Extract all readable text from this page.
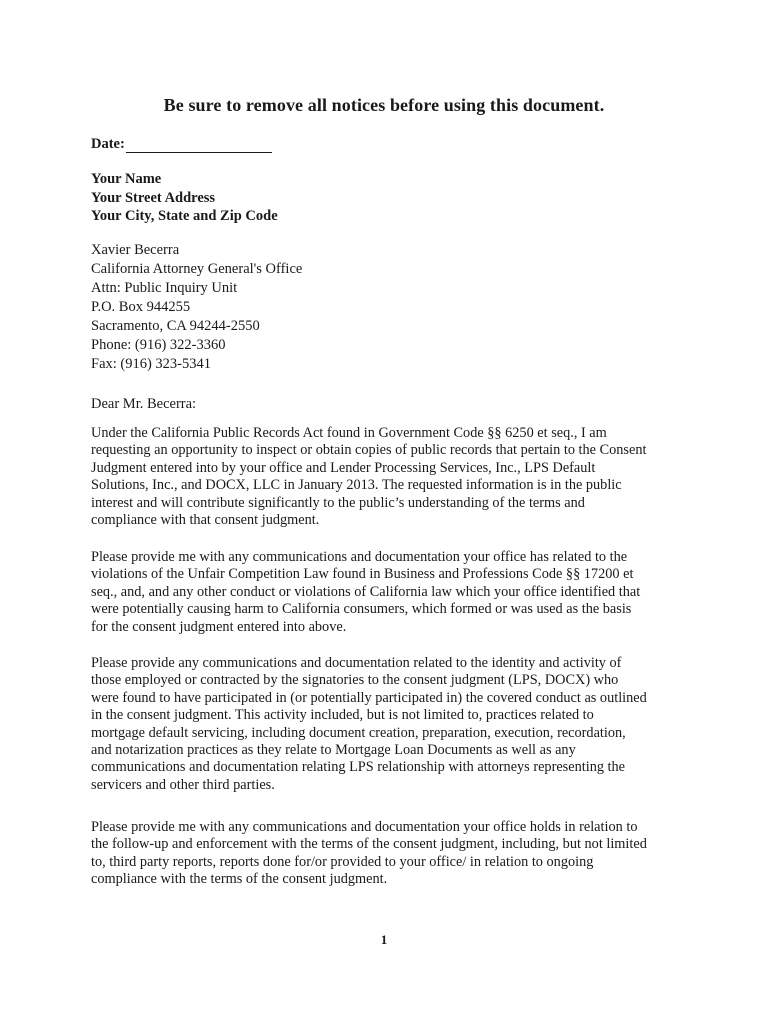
Be sure to remove all notices before using this document.
Date:
Your Name
Your Street Address
Your City, State and Zip Code
Xavier Becerra
California Attorney General's Office
Attn: Public Inquiry Unit
P.O. Box 944255
Sacramento, CA 94244-2550
Phone: (916) 322-3360
Fax: (916) 323-5341
Dear Mr. Becerra:
Under the California Public Records Act found in Government Code §§ 6250 et seq., I am
requesting an opportunity to inspect or obtain copies of public records that pertain to the Consent
Judgment entered into by your office and Lender Processing Services, Inc., LPS Default
Solutions, Inc., and DOCX, LLC in January 2013. The requested information is in the public
interest and will contribute significantly to the public’s understanding of the terms and
compliance with that consent judgment.
Please provide me with any communications and documentation your office has related to the
violations of the Unfair Competition Law found in Business and Professions Code §§ 17200 et
seq., and, and any other conduct or violations of California law which your office identified that
were potentially causing harm to California consumers, which formed or was used as the basis
for the consent judgment entered into above.
Please provide any communications and documentation related to the identity and activity of
those employed or contracted by the signatories to the consent judgment (LPS, DOCX) who
were found to have participated in (or potentially participated in) the covered conduct as outlined
in the consent judgment. This activity included, but is not limited to, practices related to
mortgage default servicing, including document creation, preparation, execution, recordation,
and notarization practices as they relate to Mortgage Loan Documents as well as any
communications and documentation relating LPS relationship with attorneys representing the
servicers and other third parties.
Please provide me with any communications and documentation your office holds in relation to
the follow-up and enforcement with the terms of the consent judgment, including, but not limited
to, third party reports, reports done for/or provided to your office/ in relation to ongoing
compliance with the terms of the consent judgment.
1
